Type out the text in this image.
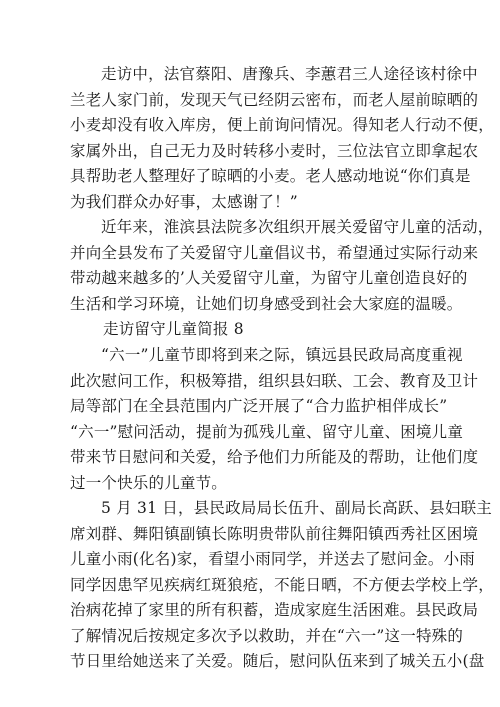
走访中，法官蔡阳、唐豫兵、李蕙君三人途径该村徐中
兰老人家门前，发现天气已经阴云密布，而老人屋前晾晒的
小麦却没有收入库房，便上前询问情况。得知老人行动不便，
家属外出，自己无力及时转移小麦时，三位法官立即拿起农
具帮助老人整理好了晾晒的小麦。老人感动地说“你们真是
为我们群众办好事，太感谢了！”
近年来，淮滨县法院多次组织开展关爱留守儿童的活动，
并向全县发布了关爱留守儿童倡议书，希望通过实际行动来
带动越来越多的’人关爱留守儿童，为留守儿童创造良好的
生活和学习环境，让她们切身感受到社会大家庭的温暖。
走访留守儿童简报 8
“六一”儿童节即将到来之际，镇远县民政局高度重视
此次慰问工作，积极筹措，组织县妇联、工会、教育及卫计
局等部门在全县范围内广泛开展了“合力监护相伴成长”
“六一”慰问活动，提前为孤残儿童、留守儿童、困境儿童
带来节日慰问和关爱，给予他们力所能及的帮助，让他们度
过一个快乐的儿童节。
5 月 31 日，县民政局局长伍升、副局长高跃、县妇联主
席刘群、舞阳镇副镇长陈明贵带队前往舞阳镇西秀社区困境
儿童小雨(化名)家，看望小雨同学，并送去了慰问金。小雨
同学因患罕见疾病红斑狼疮，不能日晒，不方便去学校上学，
治病花掉了家里的所有积蓄，造成家庭生活困难。县民政局
了解情况后按规定多次予以救助，并在“六一”这一特殊的
节日里给她送来了关爱。随后，慰问队伍来到了城关五小(盘
